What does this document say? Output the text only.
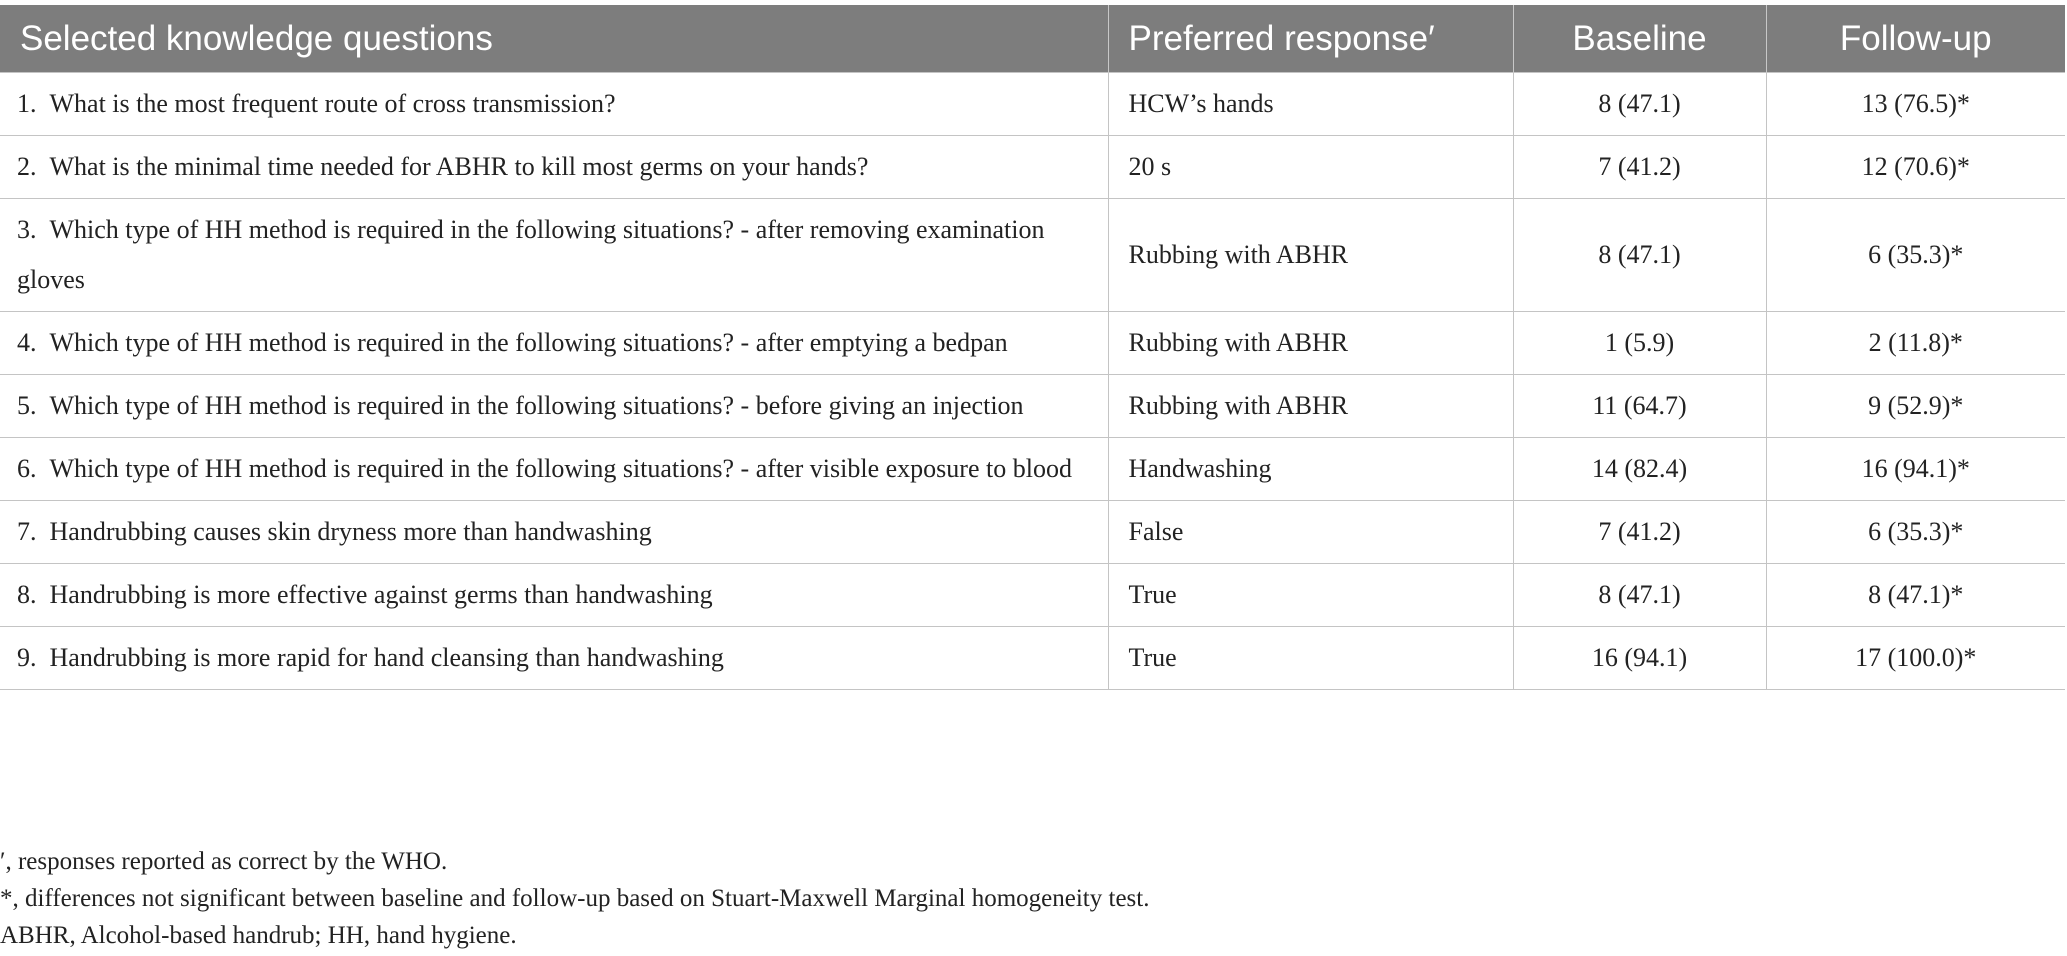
Selected knowledge questions	Preferred response′	Baseline	Follow-up
1. What is the most frequent route of cross transmission?	HCW’s hands	8 (47.1)	13 (76.5)*
2. What is the minimal time needed for ABHR to kill most germs on your hands?	20 s	7 (41.2)	12 (70.6)*
3. Which type of HH method is required in the following situations? - after removing examination gloves	Rubbing with ABHR	8 (47.1)	6 (35.3)*
4. Which type of HH method is required in the following situations? - after emptying a bedpan	Rubbing with ABHR	1 (5.9)	2 (11.8)*
5. Which type of HH method is required in the following situations? - before giving an injection	Rubbing with ABHR	11 (64.7)	9 (52.9)*
6. Which type of HH method is required in the following situations? - after visible exposure to blood	Handwashing	14 (82.4)	16 (94.1)*
7. Handrubbing causes skin dryness more than handwashing	False	7 (41.2)	6 (35.3)*
8. Handrubbing is more effective against germs than handwashing	True	8 (47.1)	8 (47.1)*
9. Handrubbing is more rapid for hand cleansing than handwashing	True	16 (94.1)	17 (100.0)*
′, responses reported as correct by the WHO.
*, differences not significant between baseline and follow-up based on Stuart-Maxwell Marginal homogeneity test.
ABHR, Alcohol-based handrub; HH, hand hygiene.
